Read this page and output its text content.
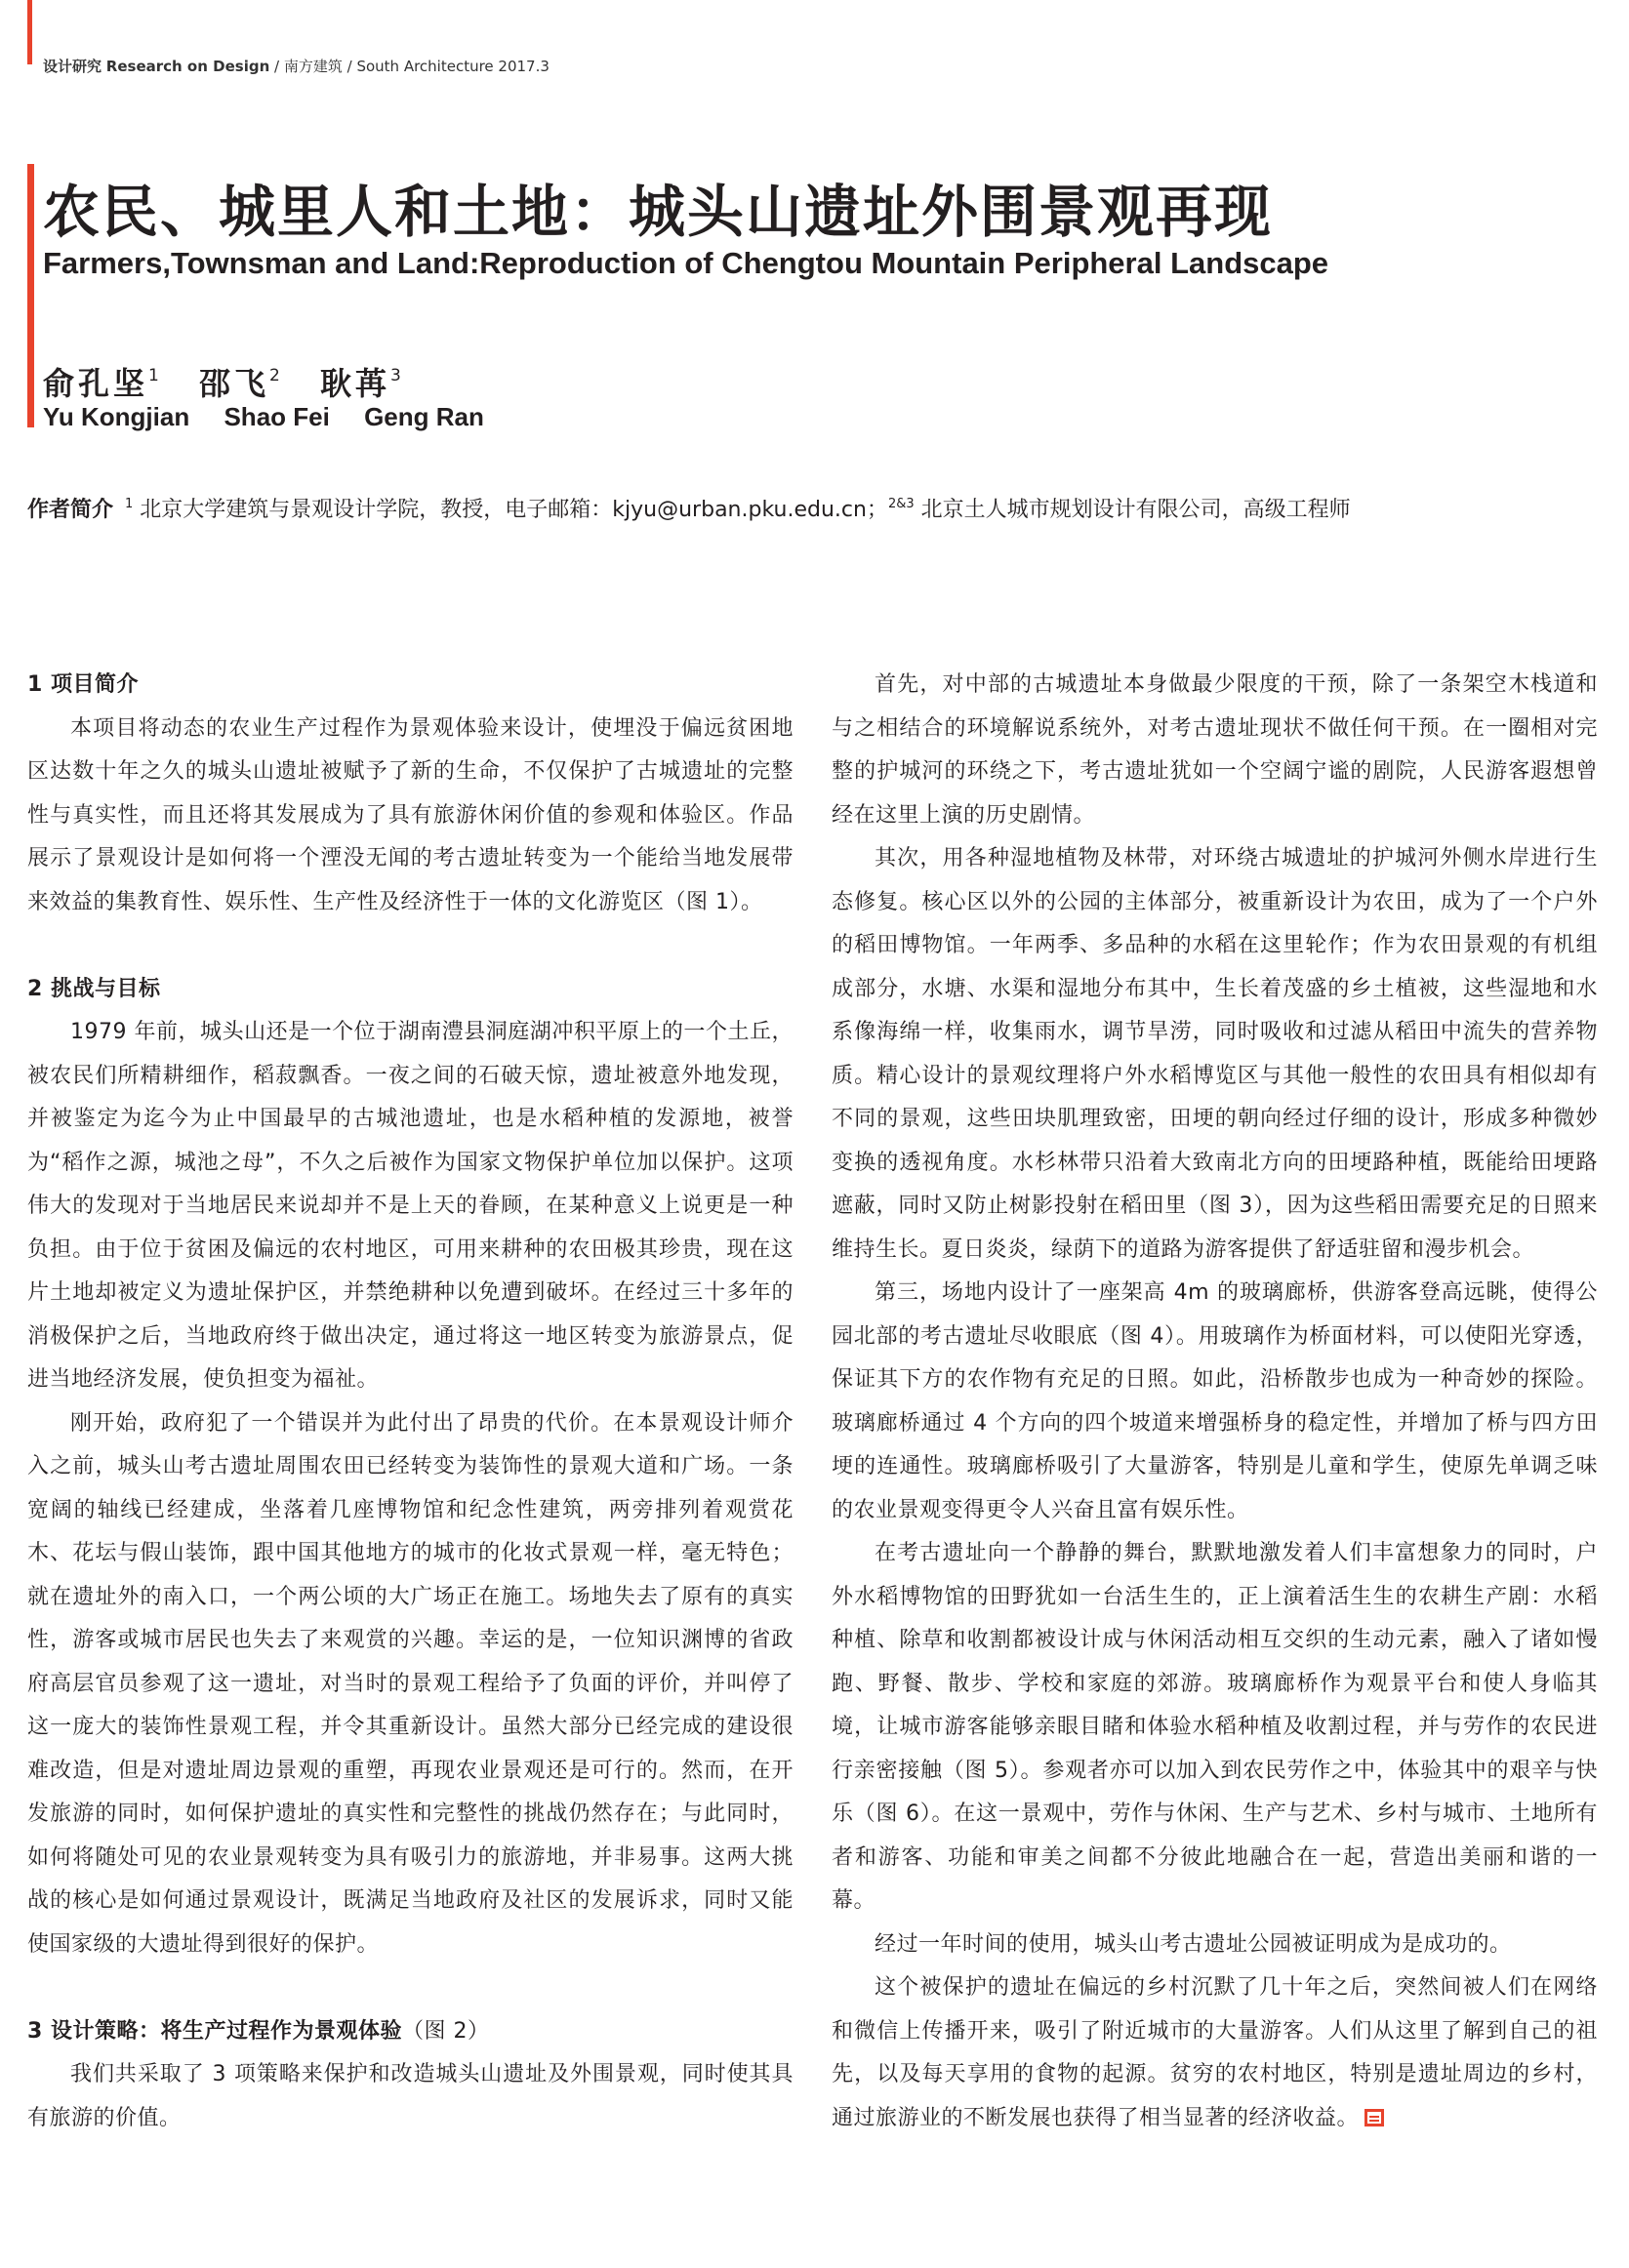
设计研究 Research on Design / 南方建筑 / South Architecture 2017.3
农民、城里人和土地：城头山遗址外围景观再现
Farmers,Townsman and Land:Reproduction of Chengtou Mountain Peripheral Landscape
俞孔坚$^1$ 邵飞$^2$ 耿苒$^3$
Yu Kongjian Shao Fei Geng Ran
作者简介 $^1$ 北京大学建筑与景观设计学院，教授，电子邮箱：kjyu@urban.pku.edu.cn；$^{2\&3}$ 北京土人城市规划设计有限公司，高级工程师
1 项目简介

本项目将动态的农业生产过程作为景观体验来设计，使埋没于偏远贫困地区达数十年之久的城头山遗址被赋予了新的生命，不仅保护了古城遗址的完整性与真实性，而且还将其发展成为了具有旅游休闲价值的参观和体验区。作品展示了景观设计是如何将一个湮没无闻的考古遗址转变为一个能给当地发展带来效益的集教育性、娱乐性、生产性及经济性于一体的文化游览区（图 1）。

2 挑战与目标

1979 年前，城头山还是一个位于湖南澧县洞庭湖冲积平原上的一个土丘，被农民们所精耕细作，稻菽飘香。一夜之间的石破天惊，遗址被意外地发现，并被鉴定为迄今为止中国最早的古城池遗址，也是水稻种植的发源地，被誉为“稻作之源，城池之母”，不久之后被作为国家文物保护单位加以保护。这项伟大的发现对于当地居民来说却并不是上天的眷顾，在某种意义上说更是一种负担。由于位于贫困及偏远的农村地区，可用来耕种的农田极其珍贵，现在这片土地却被定义为遗址保护区，并禁绝耕种以免遭到破坏。在经过三十多年的消极保护之后，当地政府终于做出决定，通过将这一地区转变为旅游景点，促进当地经济发展，使负担变为福祉。

刚开始，政府犯了一个错误并为此付出了昂贵的代价。在本景观设计师介入之前，城头山考古遗址周围农田已经转变为装饰性的景观大道和广场。一条宽阔的轴线已经建成，坐落着几座博物馆和纪念性建筑，两旁排列着观赏花木、花坛与假山装饰，跟中国其他地方的城市的化妆式景观一样，毫无特色；就在遗址外的南入口，一个两公顷的大广场正在施工。场地失去了原有的真实性，游客或城市居民也失去了来观赏的兴趣。幸运的是，一位知识渊博的省政府高层官员参观了这一遗址，对当时的景观工程给予了负面的评价，并叫停了这一庞大的装饰性景观工程，并令其重新设计。虽然大部分已经完成的建设很难改造，但是对遗址周边景观的重塑，再现农业景观还是可行的。然而，在开发旅游的同时，如何保护遗址的真实性和完整性的挑战仍然存在；与此同时，如何将随处可见的农业景观转变为具有吸引力的旅游地，并非易事。这两大挑战的核心是如何通过景观设计，既满足当地政府及社区的发展诉求，同时又能使国家级的大遗址得到很好的保护。

3 设计策略：将生产过程作为景观体验（图 2）

我们共采取了 3 项策略来保护和改造城头山遗址及外围景观，同时使其具有旅游的价值。

首先，对中部的古城遗址本身做最少限度的干预，除了一条架空木栈道和与之相结合的环境解说系统外，对考古遗址现状不做任何干预。在一圈相对完整的护城河的环绕之下，考古遗址犹如一个空阔宁谧的剧院，人民游客遐想曾经在这里上演的历史剧情。

其次，用各种湿地植物及林带，对环绕古城遗址的护城河外侧水岸进行生态修复。核心区以外的公园的主体部分，被重新设计为农田，成为了一个户外的稻田博物馆。一年两季、多品种的水稻在这里轮作；作为农田景观的有机组成部分，水塘、水渠和湿地分布其中，生长着茂盛的乡土植被，这些湿地和水系像海绵一样，收集雨水，调节旱涝，同时吸收和过滤从稻田中流失的营养物质。精心设计的景观纹理将户外水稻博览区与其他一般性的农田具有相似却有不同的景观，这些田块肌理致密，田埂的朝向经过仔细的设计，形成多种微妙变换的透视角度。水杉林带只沿着大致南北方向的田埂路种植，既能给田埂路遮蔽，同时又防止树影投射在稻田里（图 3），因为这些稻田需要充足的日照来维持生长。夏日炎炎，绿荫下的道路为游客提供了舒适驻留和漫步机会。

第三，场地内设计了一座架高 4m 的玻璃廊桥，供游客登高远眺，使得公园北部的考古遗址尽收眼底（图 4）。用玻璃作为桥面材料，可以使阳光穿透，保证其下方的农作物有充足的日照。如此，沿桥散步也成为一种奇妙的探险。玻璃廊桥通过 4 个方向的四个坡道来增强桥身的稳定性，并增加了桥与四方田埂的连通性。玻璃廊桥吸引了大量游客，特别是儿童和学生，使原先单调乏味的农业景观变得更令人兴奋且富有娱乐性。

在考古遗址向一个静静的舞台，默默地激发着人们丰富想象力的同时，户外水稻博物馆的田野犹如一台活生生的，正上演着活生生的农耕生产剧：水稻种植、除草和收割都被设计成与休闲活动相互交织的生动元素，融入了诸如慢跑、野餐、散步、学校和家庭的郊游。玻璃廊桥作为观景平台和使人身临其境，让城市游客能够亲眼目睹和体验水稻种植及收割过程，并与劳作的农民进行亲密接触（图 5）。参观者亦可以加入到农民劳作之中，体验其中的艰辛与快乐（图 6）。在这一景观中，劳作与休闲、生产与艺术、乡村与城市、土地所有者和游客、功能和审美之间都不分彼此地融合在一起，营造出美丽和谐的一幕。

经过一年时间的使用，城头山考古遗址公园被证明成为是成功的。

这个被保护的遗址在偏远的乡村沉默了几十年之后，突然间被人们在网络和微信上传播开来，吸引了附近城市的大量游客。人们从这里了解到自己的祖先，以及每天享用的食物的起源。贫穷的农村地区，特别是遗址周边的乡村，通过旅游业的不断发展也获得了相当显著的经济收益。
